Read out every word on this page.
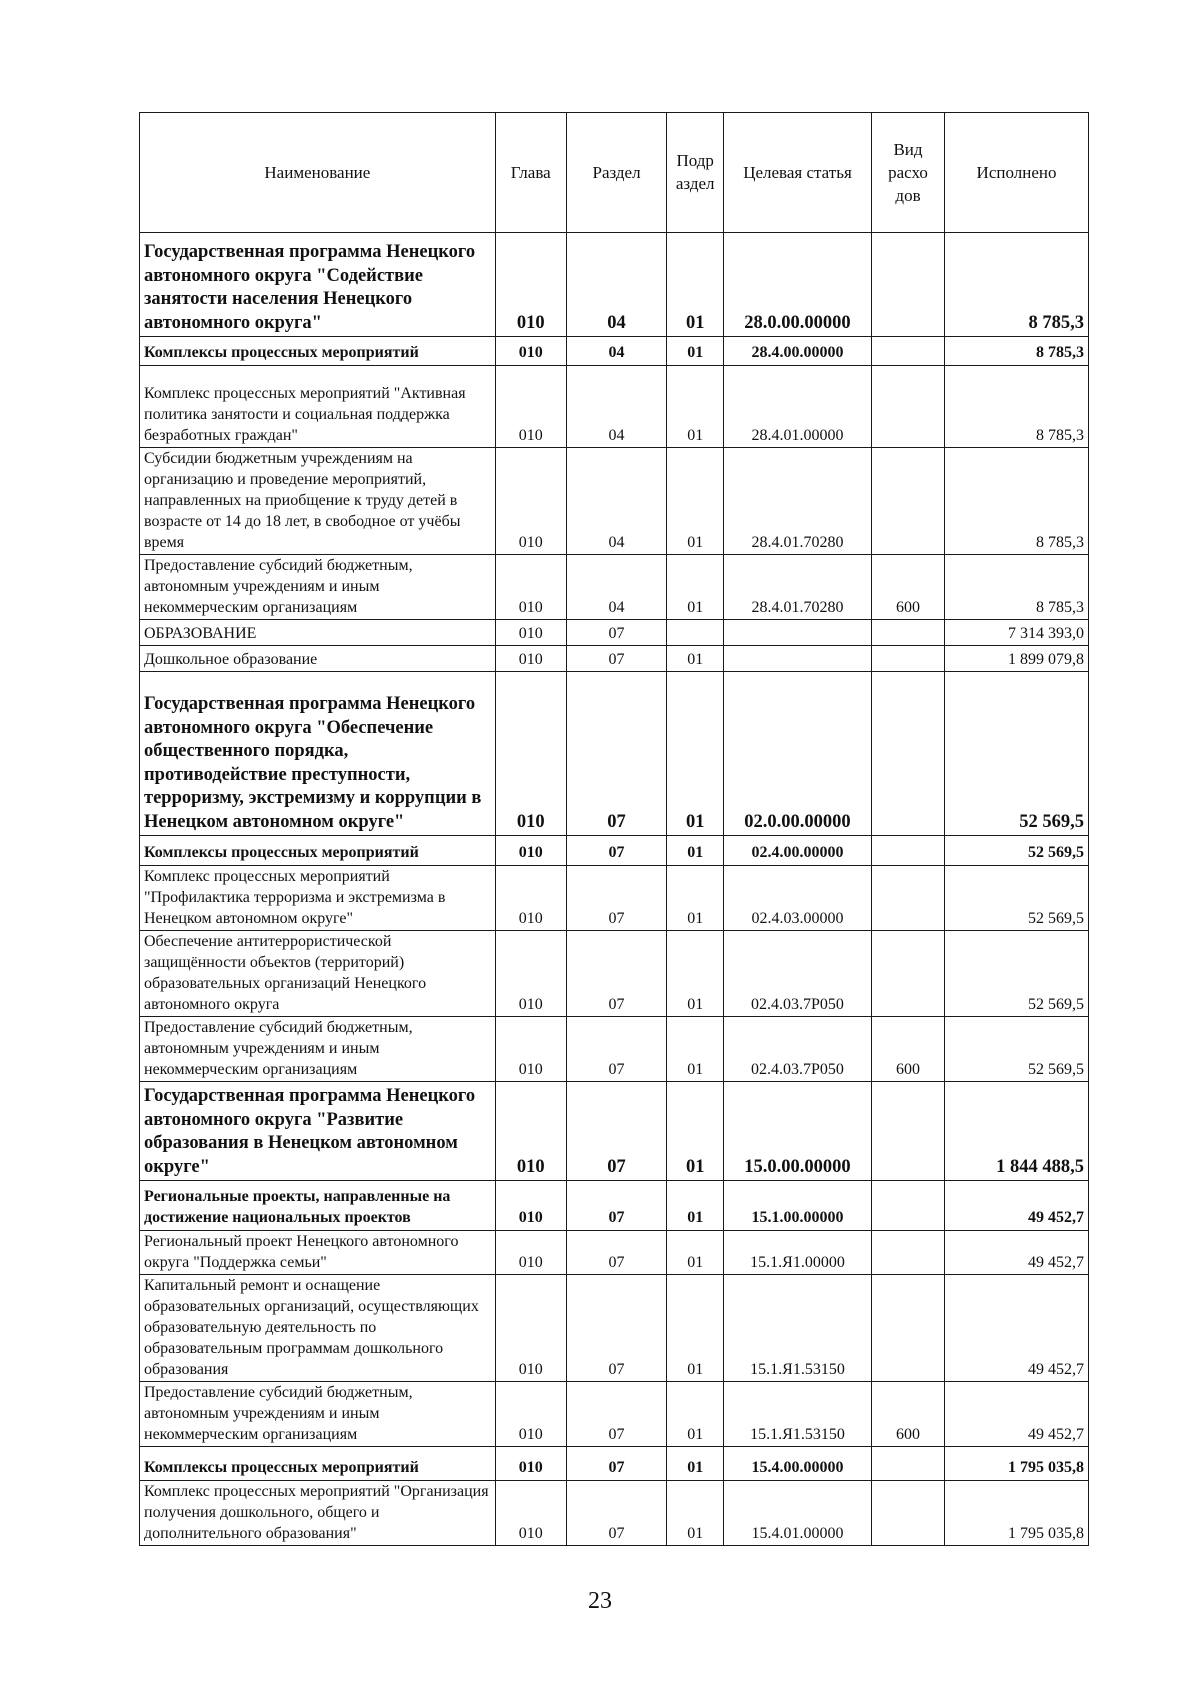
Наименование	Глава	Раздел	Подр аздел	Целевая статья	Вид расхо дов	Исполнено
Государственная программа Ненецкого автономного округа "Содействие занятости населения Ненецкого автономного округа"	010	04	01	28.0.00.00000		8 785,3
Комплексы процессных мероприятий	010	04	01	28.4.00.00000		8 785,3
Комплекс процессных мероприятий "Активная политика занятости и социальная поддержка безработных граждан"	010	04	01	28.4.01.00000		8 785,3
Субсидии бюджетным учреждениям на организацию и проведение мероприятий, направленных на приобщение к труду детей в возрасте от 14 до 18 лет, в свободное от учёбы время	010	04	01	28.4.01.70280		8 785,3
Предоставление субсидий бюджетным, автономным учреждениям и иным некоммерческим организациям	010	04	01	28.4.01.70280	600	8 785,3
ОБРАЗОВАНИЕ	010	07				7 314 393,0
Дошкольное образование	010	07	01			1 899 079,8
Государственная программа Ненецкого автономного округа "Обеспечение общественного порядка, противодействие преступности, терроризму, экстремизму и коррупции в Ненецком автономном округе"	010	07	01	02.0.00.00000		52 569,5
Комплексы процессных мероприятий	010	07	01	02.4.00.00000		52 569,5
Комплекс процессных мероприятий "Профилактика терроризма и экстремизма в Ненецком автономном округе"	010	07	01	02.4.03.00000		52 569,5
Обеспечение антитеррористической защищённости объектов (территорий) образовательных организаций Ненецкого автономного округа	010	07	01	02.4.03.7P050		52 569,5
Предоставление субсидий бюджетным, автономным учреждениям и иным некоммерческим организациям	010	07	01	02.4.03.7P050	600	52 569,5
Государственная программа Ненецкого автономного округа "Развитие образования в Ненецком автономном округе"	010	07	01	15.0.00.00000		1 844 488,5
Региональные проекты, направленные на достижение национальных проектов	010	07	01	15.1.00.00000		49 452,7
Региональный проект Ненецкого автономного округа "Поддержка семьи"	010	07	01	15.1.Я1.00000		49 452,7
Капитальный ремонт и оснащение образовательных организаций, осуществляющих образовательную деятельность по образовательным программам дошкольного образования	010	07	01	15.1.Я1.53150		49 452,7
Предоставление субсидий бюджетным, автономным учреждениям и иным некоммерческим организациям	010	07	01	15.1.Я1.53150	600	49 452,7
Комплексы процессных мероприятий	010	07	01	15.4.00.00000		1 795 035,8
Комплекс процессных мероприятий "Организация получения дошкольного, общего и дополнительного образования"	010	07	01	15.4.01.00000		1 795 035,8
23
